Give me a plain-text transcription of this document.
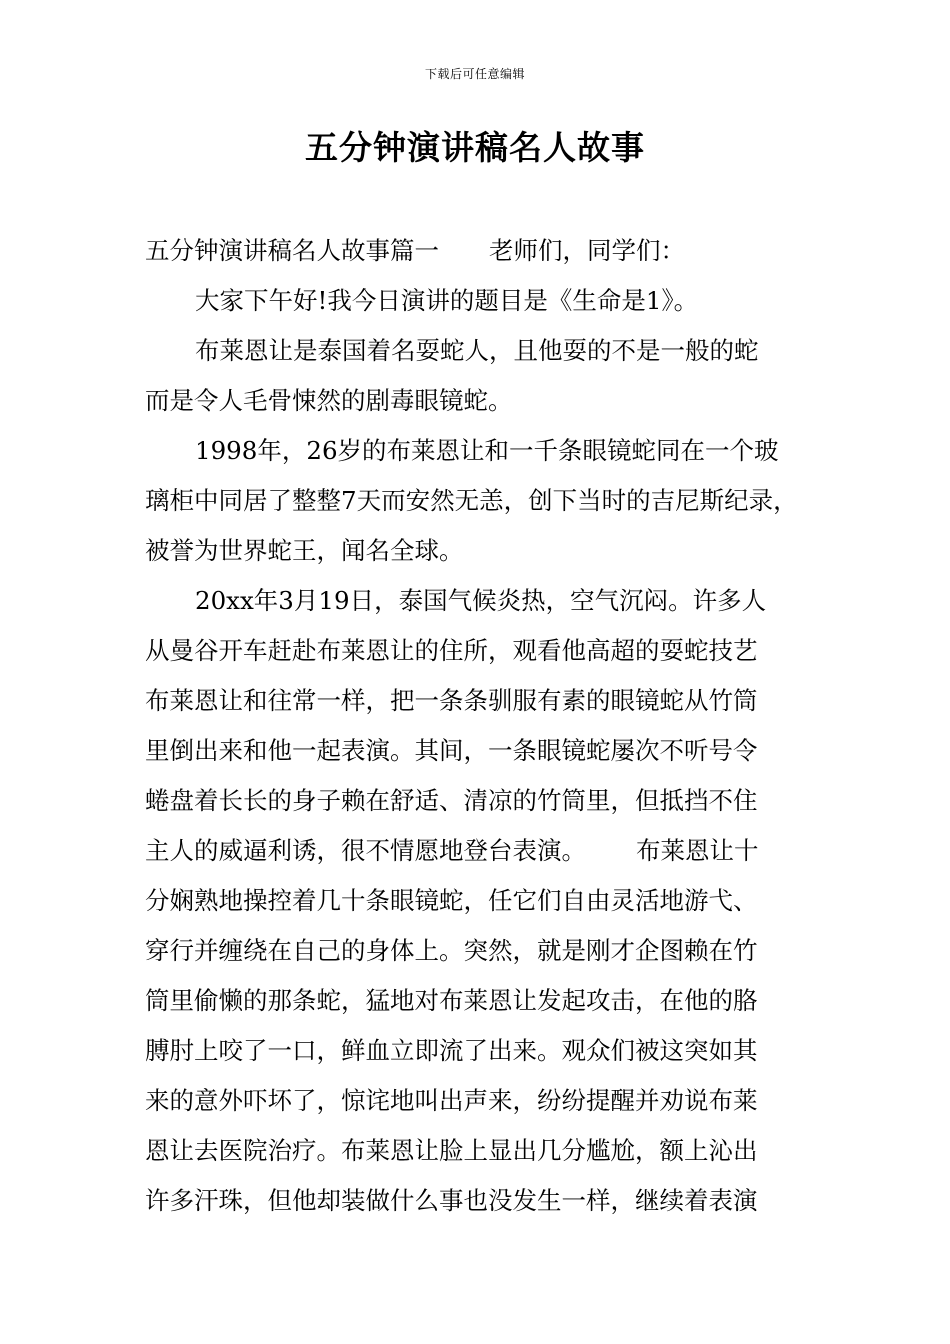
下载后可任意编辑
五分钟演讲稿名人故事
五分钟演讲稿名人故事篇一 老师们，同学们：
大家下午好!我今日演讲的题目是《生命是1》。
布莱恩让是泰国着名耍蛇人，且他耍的不是一般的蛇
而是令人毛骨悚然的剧毒眼镜蛇。
1998年，26岁的布莱恩让和一千条眼镜蛇同在一个玻
璃柜中同居了整整7天而安然无恙，创下当时的吉尼斯纪录，
被誉为世界蛇王，闻名全球。
20xx年3月19日，泰国气候炎热，空气沉闷。许多人
从曼谷开车赶赴布莱恩让的住所，观看他高超的耍蛇技艺
布莱恩让和往常一样，把一条条驯服有素的眼镜蛇从竹筒
里倒出来和他一起表演。其间，一条眼镜蛇屡次不听号令
蜷盘着长长的身子赖在舒适、清凉的竹筒里，但抵挡不住
主人的威逼利诱，很不情愿地登台表演。 布莱恩让十
分娴熟地操控着几十条眼镜蛇，任它们自由灵活地游弋、
穿行并缠绕在自己的身体上。突然，就是刚才企图赖在竹
筒里偷懒的那条蛇，猛地对布莱恩让发起攻击，在他的胳
膊肘上咬了一口，鲜血立即流了出来。观众们被这突如其
来的意外吓坏了，惊诧地叫出声来，纷纷提醒并劝说布莱
恩让去医院治疗。布莱恩让脸上显出几分尴尬，额上沁出
许多汗珠，但他却装做什么事也没发生一样，继续着表演
